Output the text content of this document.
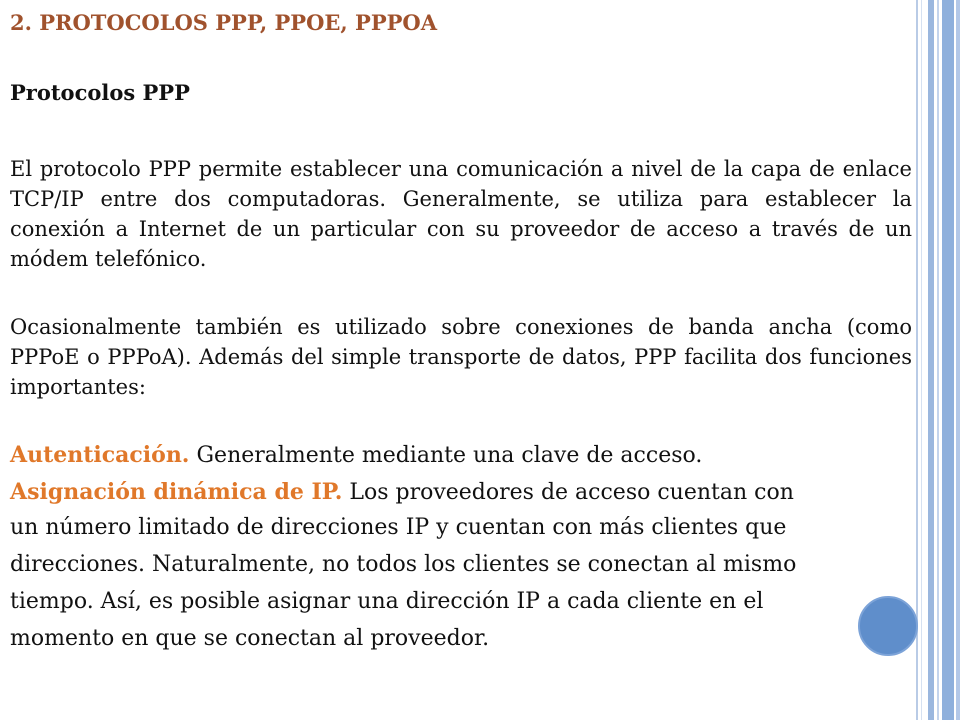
2. PROTOCOLOS PPP, PPOE, PPPOA
Protocolos PPP

El protocolo PPP permite establecer una comunicación a nivel de la capa de enlace TCP/IP entre dos computadoras. Generalmente, se utiliza para establecer la conexión a Internet de un particular con su proveedor de acceso a través de un módem telefónico.

Ocasionalmente también es utilizado sobre conexiones de banda ancha (como PPPoE o PPPoA). Además del simple transporte de datos, PPP facilita dos funciones importantes:

Autenticación. Generalmente mediante una clave de acceso.

Asignación dinámica de IP. Los proveedores de acceso cuentan con

un número limitado de direcciones IP y cuentan con más clientes que

direcciones. Naturalmente, no todos los clientes se conectan al mismo

tiempo. Así, es posible asignar una dirección IP a cada cliente en el

momento en que se conectan al proveedor.
